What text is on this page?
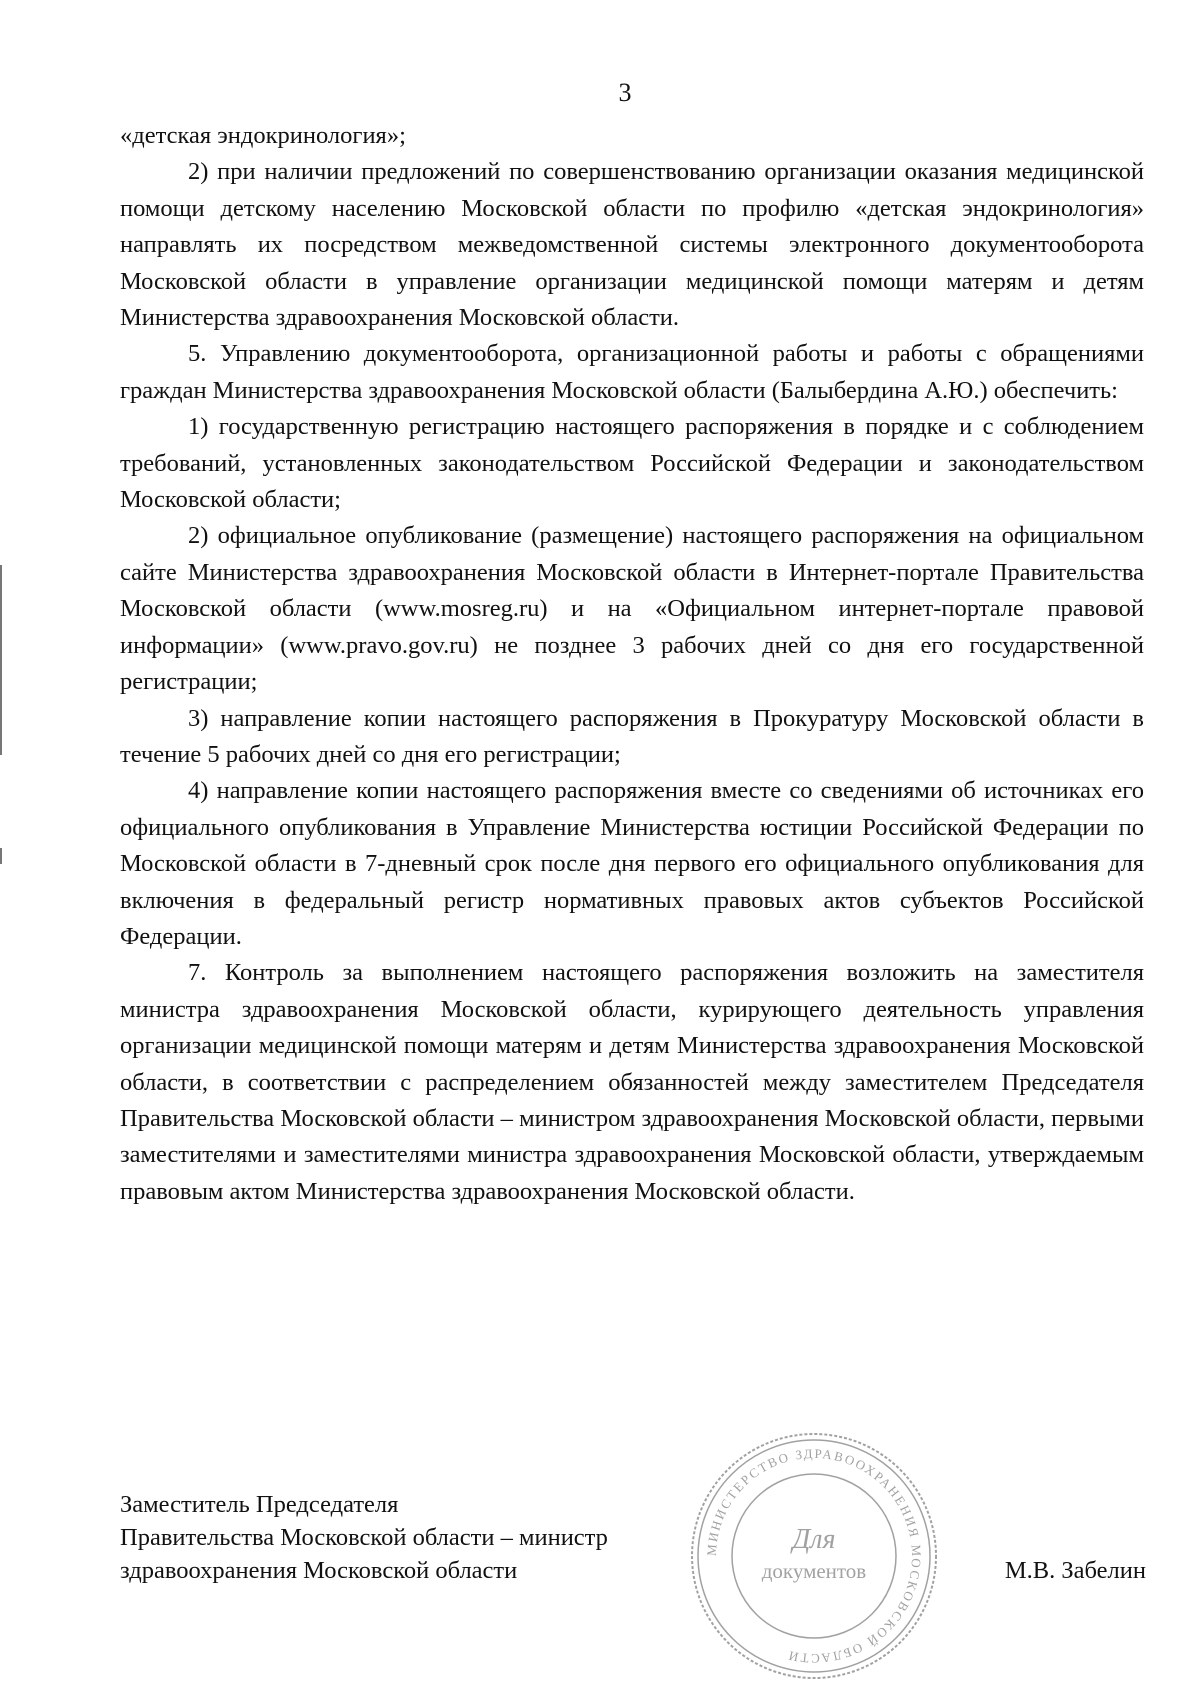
3

«детская эндокринология»;

2) при наличии предложений по совершенствованию организации оказания медицинской помощи детскому населению Московской области по профилю «детская эндокринология» направлять их посредством межведомственной системы электронного документооборота Московской области в управление организации медицинской помощи матерям и детям Министерства здравоохранения Московской области.

5. Управлению документооборота, организационной работы и работы с обращениями граждан Министерства здравоохранения Московской области (Балыбердина А.Ю.) обеспечить:

1) государственную регистрацию настоящего распоряжения в порядке и с соблюдением требований, установленных законодательством Российской Федерации и законодательством Московской области;

2) официальное опубликование (размещение) настоящего распоряжения на официальном сайте Министерства здравоохранения Московской области в Интернет-портале Правительства Московской области (www.mosreg.ru) и на «Официальном интернет-портале правовой информации» (www.pravo.gov.ru) не позднее 3 рабочих дней со дня его государственной регистрации;

3) направление копии настоящего распоряжения в Прокуратуру Московской области в течение 5 рабочих дней со дня его регистрации;

4) направление копии настоящего распоряжения вместе со сведениями об источниках его официального опубликования в Управление Министерства юстиции Российской Федерации по Московской области в 7-дневный срок после дня первого его официального опубликования для включения в федеральный регистр нормативных правовых актов субъектов Российской Федерации.

7. Контроль за выполнением настоящего распоряжения возложить на заместителя министра здравоохранения Московской области, курирующего деятельность управления организации медицинской помощи матерям и детям Министерства здравоохранения Московской области, в соответствии с распределением обязанностей между заместителем Председателя Правительства Московской области – министром здравоохранения Московской области, первыми заместителями и заместителями министра здравоохранения Московской области, утверждаемым правовым актом Министерства здравоохранения Московской области.

Заместитель Председателя
Правительства Московской области – министр
здравоохранения Московской области	М.В. Забелин
МИНИСТЕРСТВО ЗДРАВООХРАНЕНИЯ МОСКОВСКОЙ ОБЛАСТИ
Для
документов
